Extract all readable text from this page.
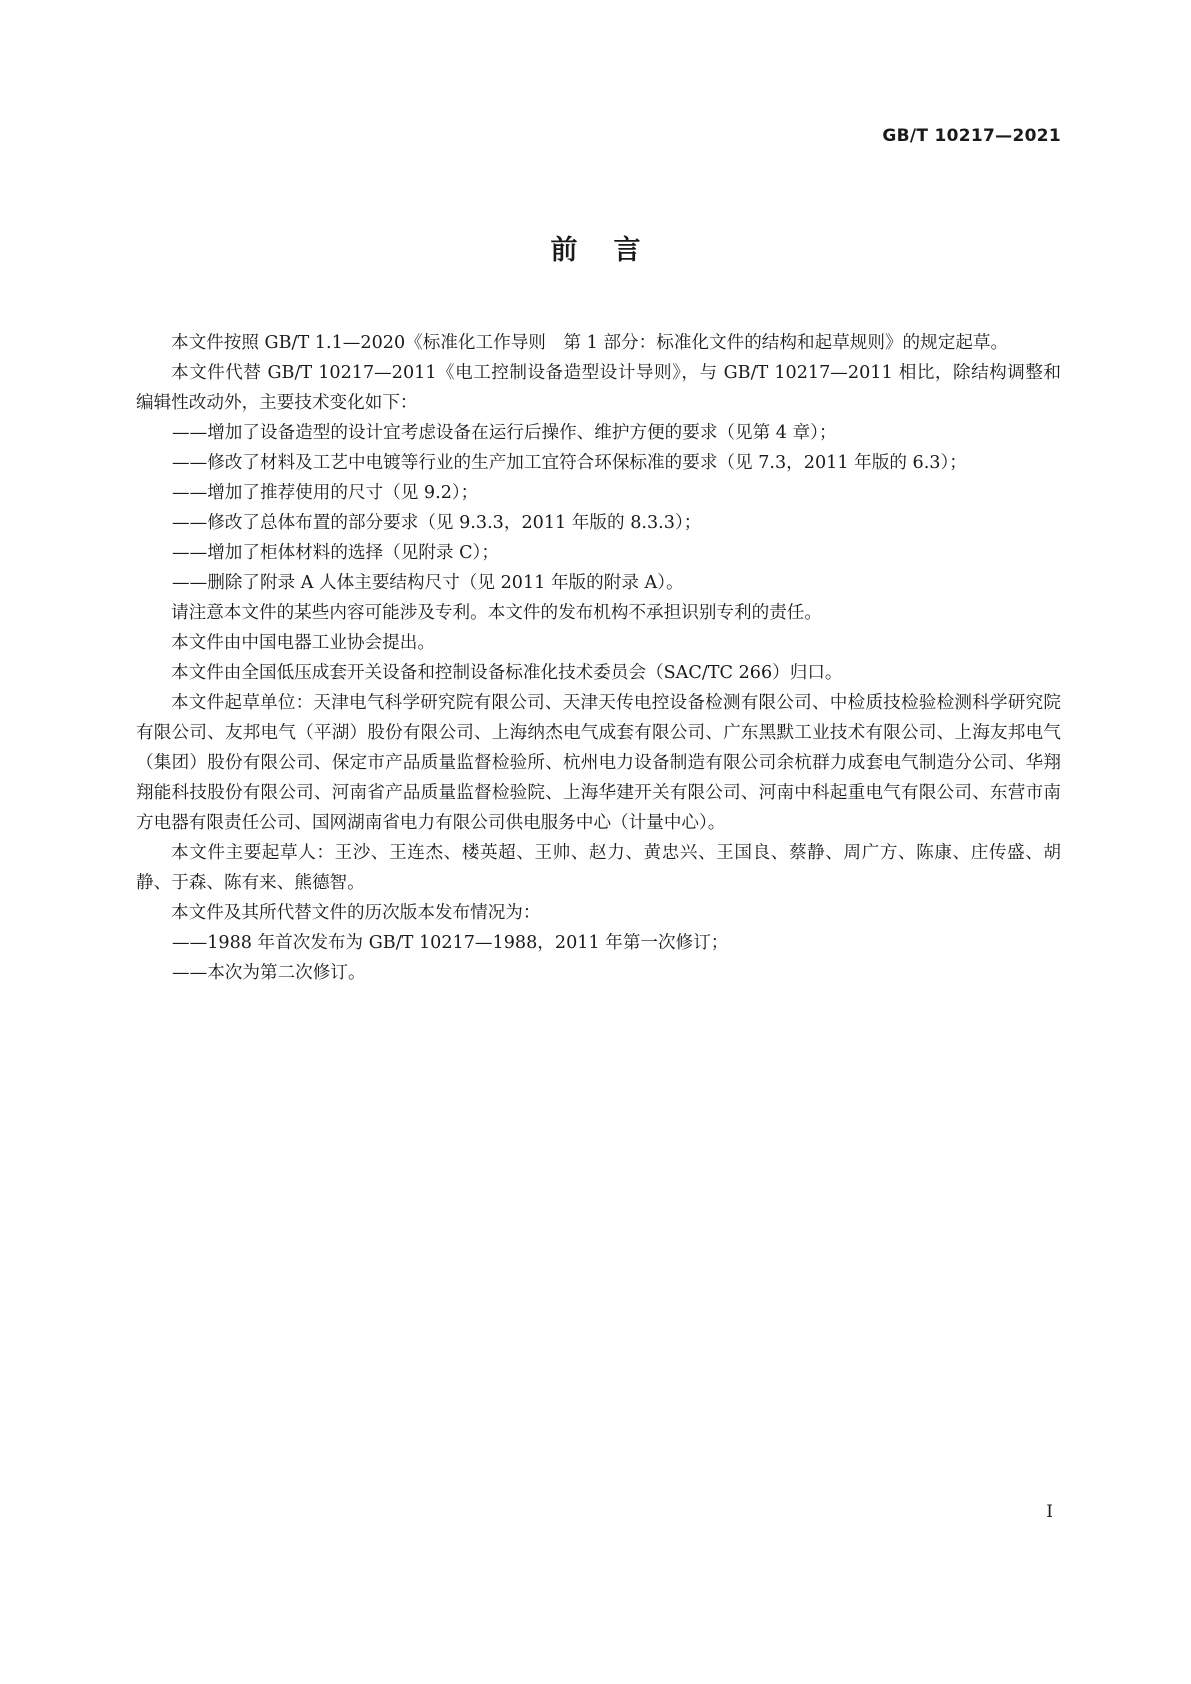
GB/T 10217—2021

前言

本文件按照 GB/T 1.1—2020《标准化工作导则　第 1 部分：标准化文件的结构和起草规则》的规定起草。

本文件代替 GB/T 10217—2011《电工控制设备造型设计导则》，与 GB/T 10217—2011 相比，除结构调整和编辑性改动外，主要技术变化如下：

——增加了设备造型的设计宜考虑设备在运行后操作、维护方便的要求（见第 4 章）；

——修改了材料及工艺中电镀等行业的生产加工宜符合环保标准的要求（见 7.3，2011 年版的 6.3）；

——增加了推荐使用的尺寸（见 9.2）；

——修改了总体布置的部分要求（见 9.3.3，2011 年版的 8.3.3）；

——增加了柜体材料的选择（见附录 C）；

——删除了附录 A 人体主要结构尺寸（见 2011 年版的附录 A）。

请注意本文件的某些内容可能涉及专利。本文件的发布机构不承担识别专利的责任。

本文件由中国电器工业协会提出。

本文件由全国低压成套开关设备和控制设备标准化技术委员会（SAC/TC 266）归口。

本文件起草单位：天津电气科学研究院有限公司、天津天传电控设备检测有限公司、中检质技检验检测科学研究院有限公司、友邦电气（平湖）股份有限公司、上海纳杰电气成套有限公司、广东黑默工业技术有限公司、上海友邦电气（集团）股份有限公司、保定市产品质量监督检验所、杭州电力设备制造有限公司余杭群力成套电气制造分公司、华翔翔能科技股份有限公司、河南省产品质量监督检验院、上海华建开关有限公司、河南中科起重电气有限公司、东营市南方电器有限责任公司、国网湖南省电力有限公司供电服务中心（计量中心）。

本文件主要起草人：王沙、王连杰、楼英超、王帅、赵力、黄忠兴、王国良、蔡静、周广方、陈康、庄传盛、胡静、于森、陈有来、熊德智。

本文件及其所代替文件的历次版本发布情况为：

——1988 年首次发布为 GB/T 10217—1988，2011 年第一次修订；

——本次为第二次修订。

I
